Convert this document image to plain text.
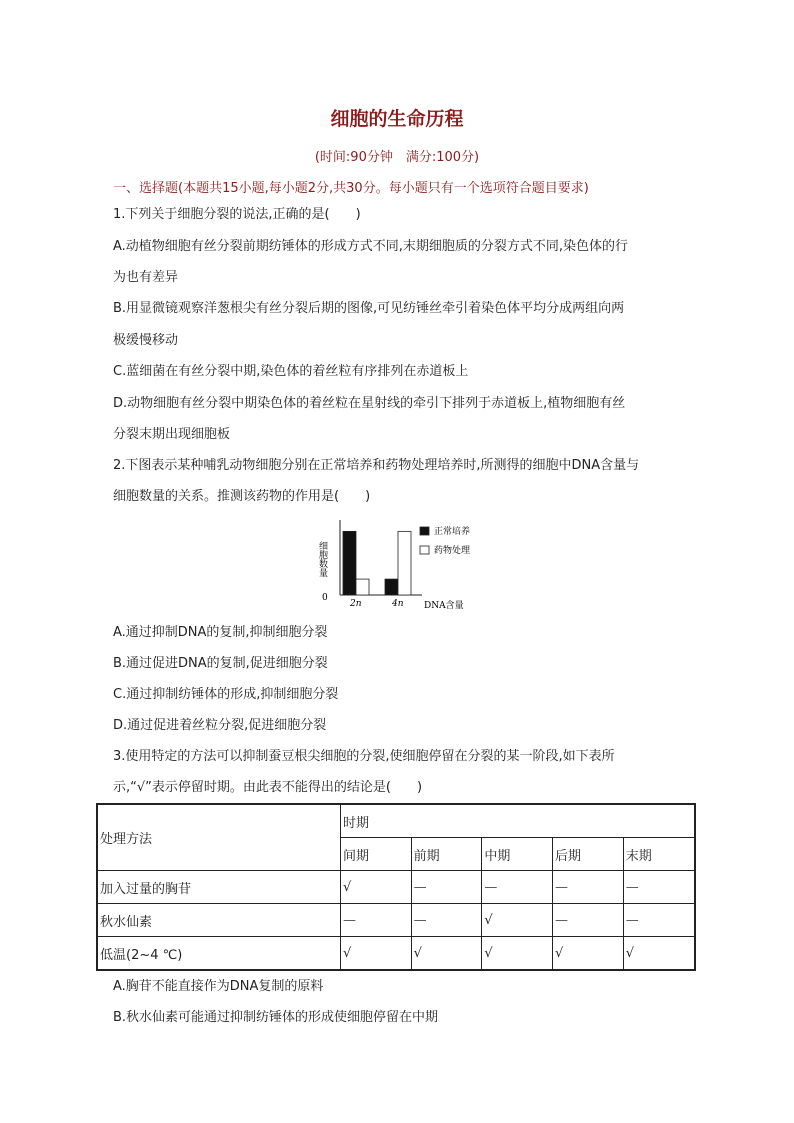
细胞的生命历程
(时间:90分钟　满分:100分)
一、选择题(本题共15小题,每小题2分,共30分。每小题只有一个选项符合题目要求)
1.下列关于细胞分裂的说法,正确的是(　　)
A.动植物细胞有丝分裂前期纺锤体的形成方式不同,末期细胞质的分裂方式不同,染色体的行
为也有差异
B.用显微镜观察洋葱根尖有丝分裂后期的图像,可见纺锤丝牵引着染色体平均分成两组向两
极缓慢移动
C.蓝细菌在有丝分裂中期,染色体的着丝粒有序排列在赤道板上
D.动物细胞有丝分裂中期染色体的着丝粒在星射线的牵引下排列于赤道板上,植物细胞有丝
分裂末期出现细胞板
2.下图表示某种哺乳动物细胞分别在正常培养和药物处理培养时,所测得的细胞中DNA含量与
细胞数量的关系。推测该药物的作用是(　　)
细胞数量
0
2n	4n DNA含量
正常培养
药物处理
A.通过抑制DNA的复制,抑制细胞分裂
B.通过促进DNA的复制,促进细胞分裂
C.通过抑制纺锤体的形成,抑制细胞分裂
D.通过促进着丝粒分裂,促进细胞分裂
3.使用特定的方法可以抑制蚕豆根尖细胞的分裂,使细胞停留在分裂的某一阶段,如下表所
示,“√”表示停留时期。由此表不能得出的结论是(　　)
处理方法	时期				
	间期	前期	中期	后期	末期
加入过量的胸苷	√	—	—	—	—
秋水仙素	—	—	√	—	—
低温(2~4 ℃)	√	√	√	√	√
A.胸苷不能直接作为DNA复制的原料
B.秋水仙素可能通过抑制纺锤体的形成使细胞停留在中期
